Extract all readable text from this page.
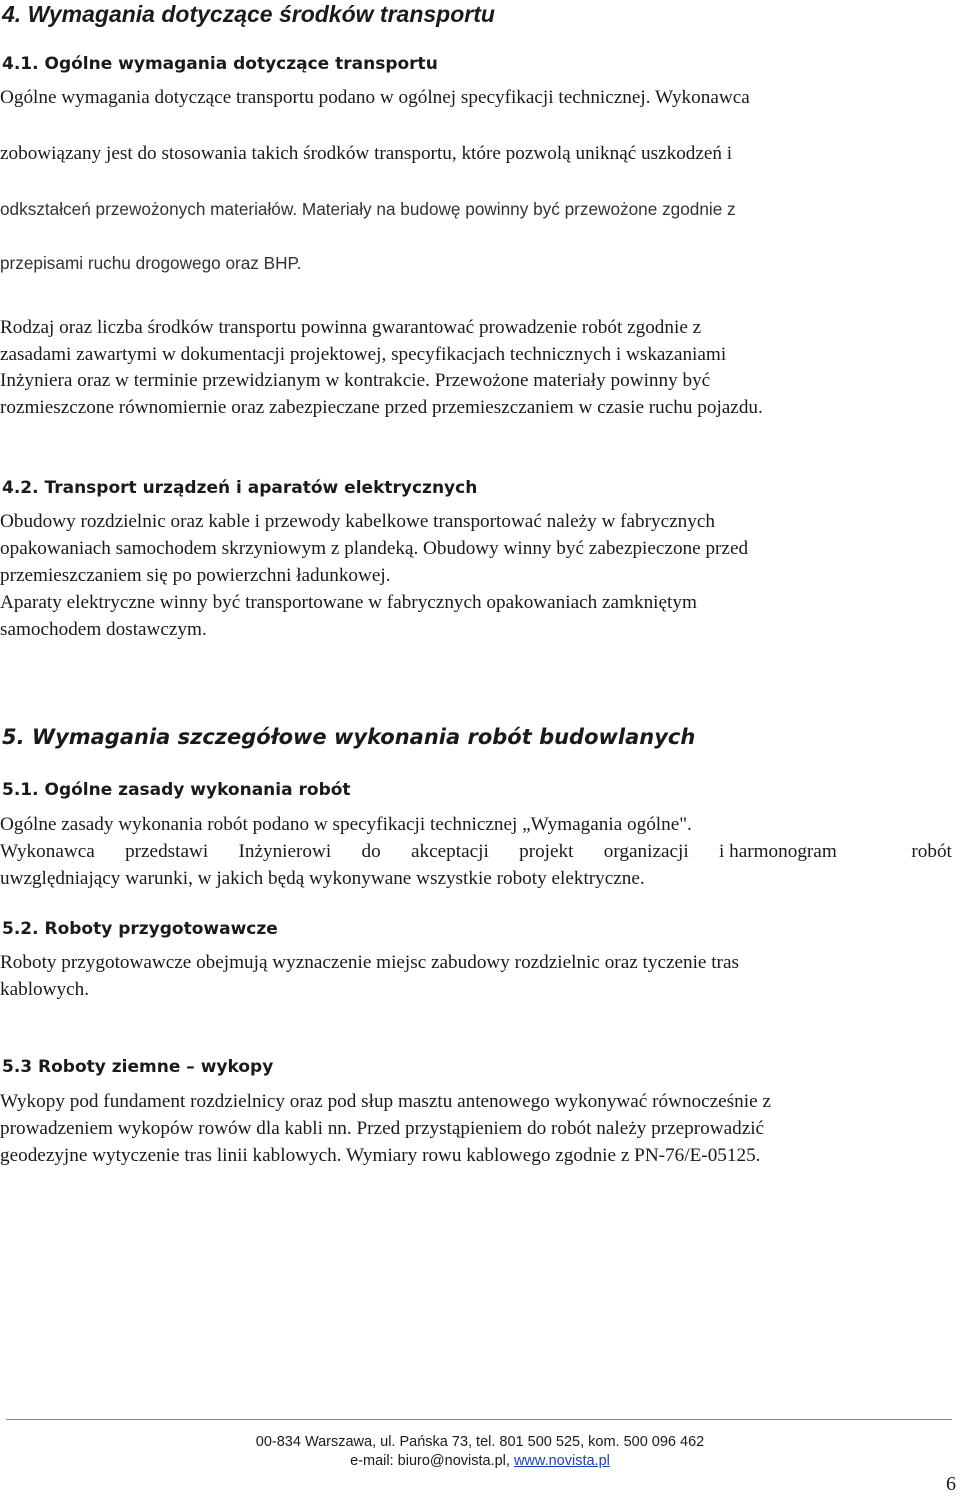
4. Wymagania dotyczące środków transportu
4.1. Ogólne wymagania dotyczące transportu

Ogólne wymagania dotyczące transportu podano w ogólnej specyfikacji technicznej. Wykonawca

zobowiązany jest do stosowania takich środków transportu, które pozwolą uniknąć uszkodzeń i

odkształceń przewożonych materiałów. Materiały na budowę powinny być przewożone zgodnie z

przepisami ruchu drogowego oraz BHP.

Rodzaj oraz liczba środków transportu powinna gwarantować prowadzenie robót zgodnie z

zasadami zawartymi w dokumentacji projektowej, specyfikacjach technicznych i wskazaniami

Inżyniera oraz w terminie przewidzianym w kontrakcie. Przewożone materiały powinny być

rozmieszczone równomiernie oraz zabezpieczane przed przemieszczaniem w czasie ruchu pojazdu.

4.2. Transport urządzeń i aparatów elektrycznych

Obudowy rozdzielnic oraz kable i przewody kabelkowe transportować należy w fabrycznych

opakowaniach samochodem skrzyniowym z plandeką. Obudowy winny być zabezpieczone przed

przemieszczaniem się po powierzchni ładunkowej.

Aparaty elektryczne winny być transportowane w fabrycznych opakowaniach zamkniętym

samochodem dostawczym.

5. Wymagania szczegółowe wykonania robót budowlanych
5.1. Ogólne zasady wykonania robót

Ogólne zasady wykonania robót podano w specyfikacji technicznej „Wymagania ogólne".

Wykonawca przedstawi Inżynierowi do akceptacji projekt organizacji i harmonogram	robót

uwzględniający warunki, w jakich będą wykonywane wszystkie roboty elektryczne.

5.2. Roboty przygotowawcze

Roboty przygotowawcze obejmują wyznaczenie miejsc zabudowy rozdzielnic oraz tyczenie tras

kablowych.

5.3 Roboty ziemne – wykopy

Wykopy pod fundament rozdzielnicy oraz pod słup masztu antenowego wykonywać równocześnie z

prowadzeniem wykopów rowów dla kabli nn. Przed przystąpieniem do robót należy przeprowadzić

geodezyjne wytyczenie tras linii kablowych. Wymiary rowu kablowego zgodnie z PN-76/E-05125.

00-834 Warszawa, ul. Pańska 73, tel. 801 500 525, kom. 500 096 462
e-mail: biuro@novista.pl, www.novista.pl
6
